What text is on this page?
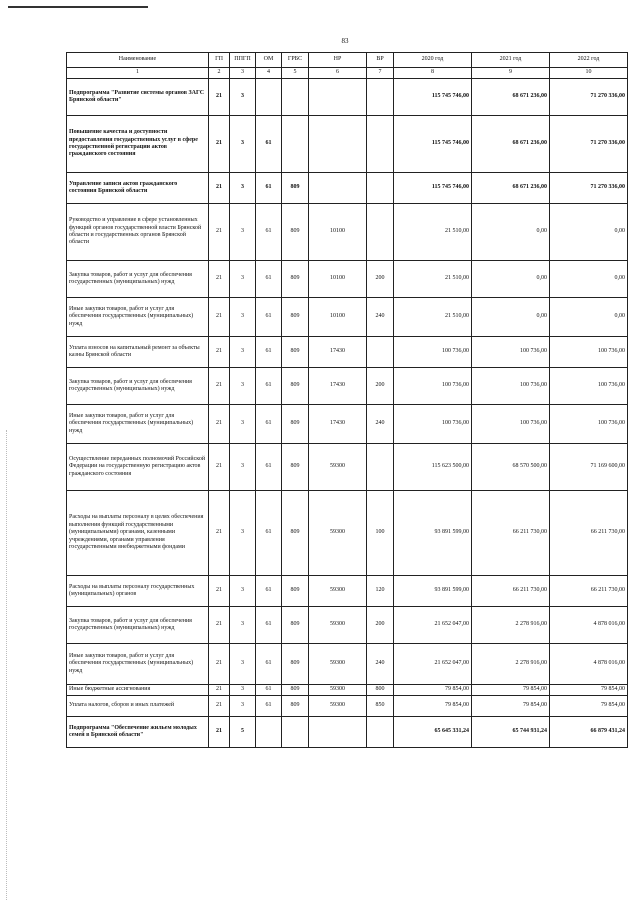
83
Наименование	ГП	ППГП	ОМ	ГРБС	НР	ВР	2020 год	2021 год	2022 год
1	2	3	4	5	6	7	8	9	10
Подпрограмма "Развитие системы органов ЗАГС Брянской области"	21	3					115 745 746,00	68 671 236,00	71 270 336,00
Повышение качества и доступности предоставления государственных услуг в сфере государственной регистрации актов гражданского состояния	21	3	61				115 745 746,00	68 671 236,00	71 270 336,00
Управление записи актов гражданского состояния Брянской области	21	3	61	809			115 745 746,00	68 671 236,00	71 270 336,00
Руководство и управление в сфере установленных функций органов государственной власти Брянской области и государственных органов Брянской области	21	3	61	809	10100		21 510,00	0,00	0,00
Закупка товаров, работ и услуг для обеспечения государственных (муниципальных) нужд	21	3	61	809	10100	200	21 510,00	0,00	0,00
Иные закупки товаров, работ и услуг для обеспечения государственных (муниципальных) нужд	21	3	61	809	10100	240	21 510,00	0,00	0,00
Уплата взносов на капитальный ремонт за объекты казны Брянской области	21	3	61	809	17430		100 736,00	100 736,00	100 736,00
Закупка товаров, работ и услуг для обеспечения государственных (муниципальных) нужд	21	3	61	809	17430	200	100 736,00	100 736,00	100 736,00
Иные закупки товаров, работ и услуг для обеспечения государственных (муниципальных) нужд	21	3	61	809	17430	240	100 736,00	100 736,00	100 736,00
Осуществление переданных полномочий Российской Федерации на государственную регистрацию актов гражданского состояния	21	3	61	809	59300		115 623 500,00	68 570 500,00	71 169 600,00
Расходы на выплаты персоналу в целях обеспечения выполнения функций государственными (муниципальными) органами, казенными учреждениями, органами управления государственными внебюджетными фондами	21	3	61	809	59300	100	93 891 599,00	66 211 730,00	66 211 730,00
Расходы на выплаты персоналу государственных (муниципальных) органов	21	3	61	809	59300	120	93 891 599,00	66 211 730,00	66 211 730,00
Закупка товаров, работ и услуг для обеспечения государственных (муниципальных) нужд	21	3	61	809	59300	200	21 652 047,00	2 278 916,00	4 878 016,00
Иные закупки товаров, работ и услуг для обеспечения государственных (муниципальных) нужд	21	3	61	809	59300	240	21 652 047,00	2 278 916,00	4 878 016,00
Иные бюджетные ассигнования	21	3	61	809	59300	800	79 854,00	79 854,00	79 854,00
Уплата налогов, сборов и иных платежей	21	3	61	809	59300	850	79 854,00	79 854,00	79 854,00
Подпрограмма "Обеспечение жильем молодых семей в Брянской области"	21	5					65 645 331,24	65 744 931,24	66 879 431,24
